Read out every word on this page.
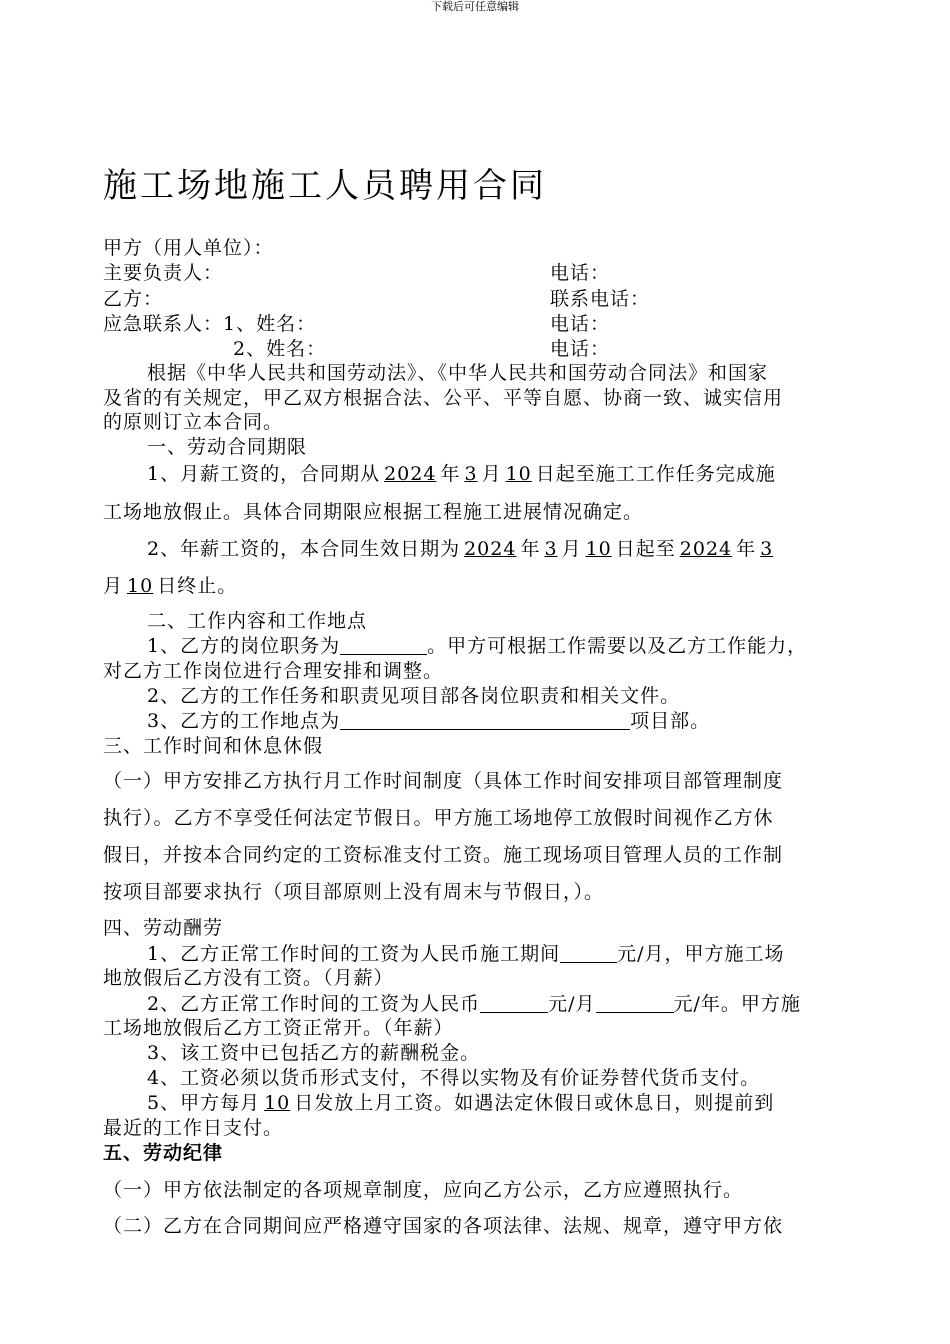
下载后可任意编辑
施工场地施工人员聘用合同
甲方（用人单位）：
主要负责人：	电话：
乙方：	联系电话：
应急联系人：1、姓名：	电话：
2、姓名：	电话：
根据《中华人民共和国劳动法》、《中华人民共和国劳动合同法》和国家
及省的有关规定，甲乙双方根据合法、公平、平等自愿、协商一致、诚实信用
的原则订立本合同。
一、劳动合同期限
1、月薪工资的，合同期从 2024 年 3 月 10 日起至施工工作任务完成施
工场地放假止。具体合同期限应根据工程施工进展情况确定。
2、年薪工资的，本合同生效日期为 2024 年 3 月 10 日起至 2024 年 3
月 10 日终止。
二、工作内容和工作地点
1、乙方的岗位职务为	。甲方可根据工作需要以及乙方工作能力，
对乙方工作岗位进行合理安排和调整。
2、乙方的工作任务和职责见项目部各岗位职责和相关文件。
3、乙方的工作地点为	项目部。
三、工作时间和休息休假
（一）甲方安排乙方执行月工作时间制度（具体工作时间安排项目部管理制度
执行）。乙方不享受任何法定节假日。甲方施工场地停工放假时间视作乙方休
假日，并按本合同约定的工资标准支付工资。施工现场项目管理人员的工作制
按项目部要求执行（项目部原则上没有周末与节假日，）。
四、劳动酬劳
1、乙方正常工作时间的工资为人民币施工期间	元/月，甲方施工场
地放假后乙方没有工资。（月薪）
2、乙方正常工作时间的工资为人民币	元/月	元/年。甲方施
工场地放假后乙方工资正常开。（年薪）
3、该工资中已包括乙方的薪酬税金。
4、工资必须以货币形式支付，不得以实物及有价证券替代货币支付。
5、甲方每月 10 日发放上月工资。如遇法定休假日或休息日，则提前到
最近的工作日支付。
五、劳动纪律
（一）甲方依法制定的各项规章制度，应向乙方公示，乙方应遵照执行。
（二）乙方在合同期间应严格遵守国家的各项法律、法规、规章，遵守甲方依
